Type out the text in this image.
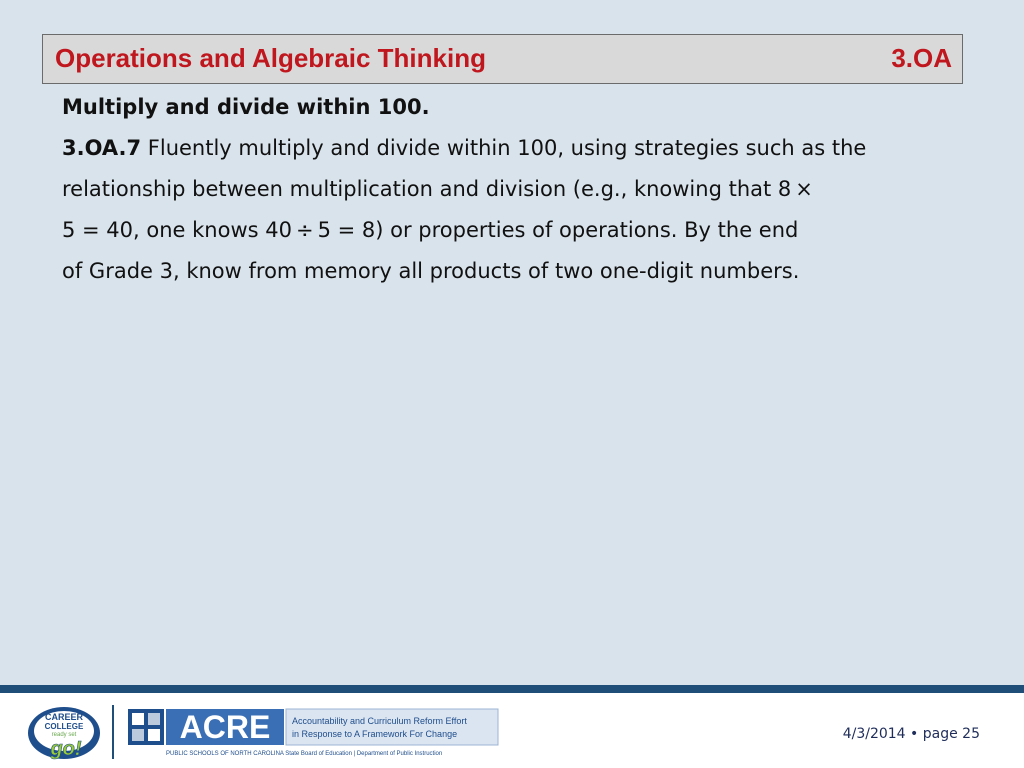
Operations and Algebraic Thinking	3.OA
Multiply and divide within 100.
3.OA.7 Fluently multiply and divide within 100, using strategies such as the
relationship between multiplication and division (e.g., knowing that 8 ×
5 = 40, one knows 40 ÷ 5 = 8) or properties of operations. By the end
of Grade 3, know from memory all products of two one-digit numbers.
CAREER
COLLEGE
ready set
go!
ACRE Accountability and Curriculum Reform Effort
in Response to A Framework For Change
PUBLIC SCHOOLS OF NORTH CAROLINA State Board of Education | Department of Public Instruction
4/3/2014 • page 25
